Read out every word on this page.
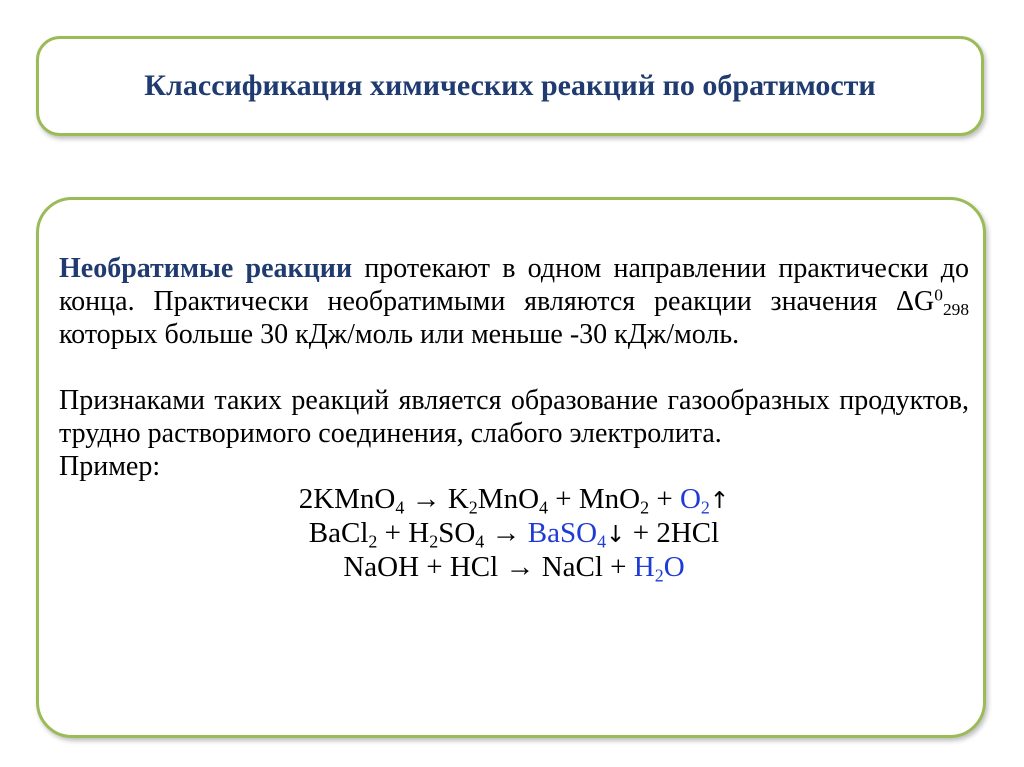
Классификация химических реакций по обратимости

Необратимые реакции протекают в одном направлении практически до конца. Практически необратимыми являются реакции значения $\Delta G^0_{298}$ которых больше 30 кДж/моль или меньше -30 кДж/моль.

Признаками таких реакций является образование газообразных продуктов, трудно растворимого соединения, слабого электролита.

Пример:

2KMnO$_4$ → $K_2MnO_4 + MnO_2$ + $O_2↑$
BaCl$_2$ + $H_2SO_4$ → BaSO$_4$↓ + 2HCl
NaOH + HCl → NaCl + $H_2O$
